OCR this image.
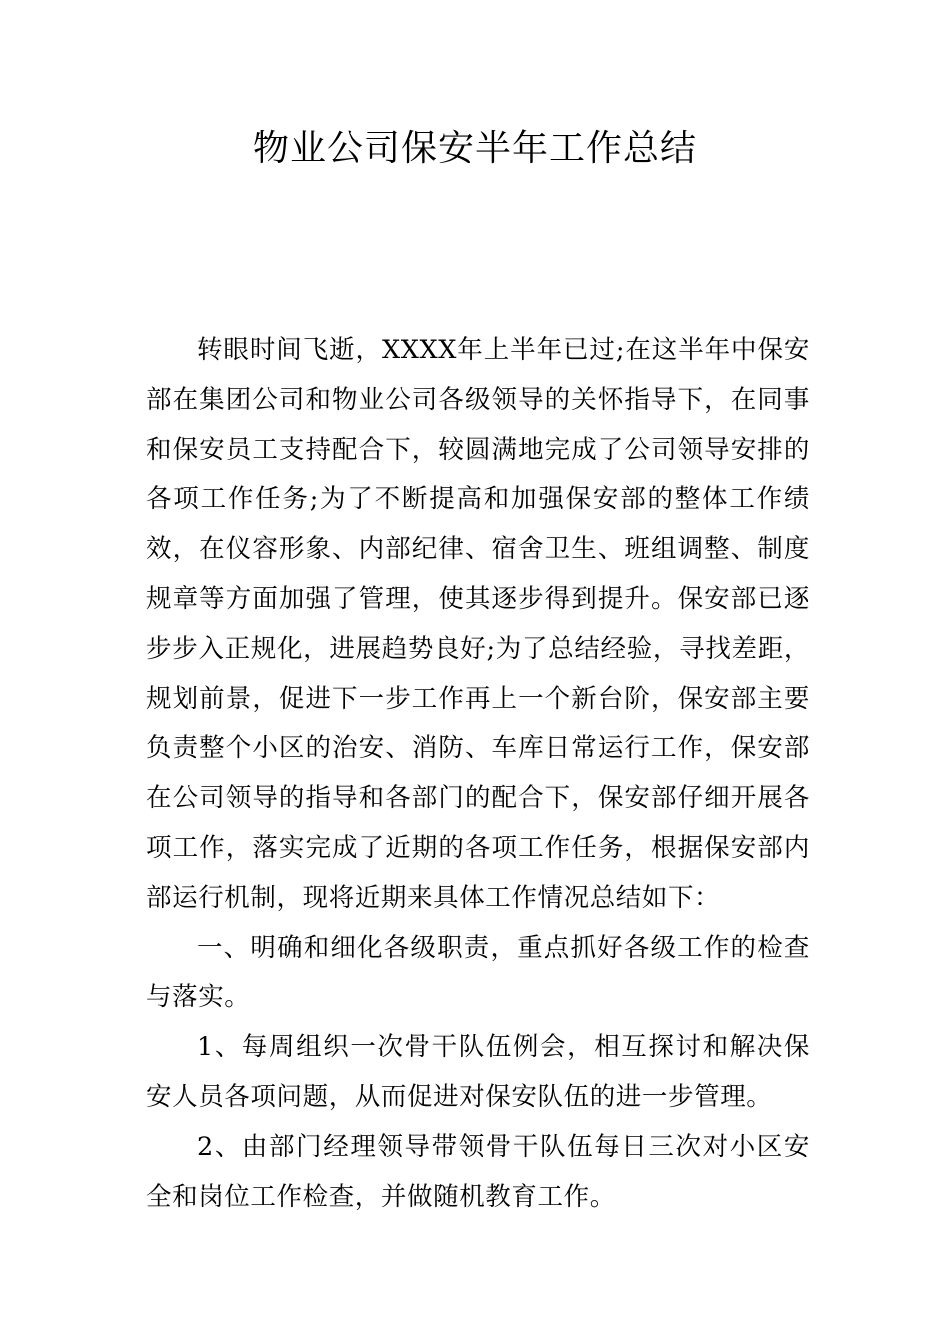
物业公司保安半年工作总结

转眼时间飞逝，XXXX年上半年已过;在这半年中保安部在集团公司和物业公司各级领导的关怀指导下，在同事和保安员工支持配合下，较圆满地完成了公司领导安排的各项工作任务;为了不断提高和加强保安部的整体工作绩效，在仪容形象、内部纪律、宿舍卫生、班组调整、制度规章等方面加强了管理，使其逐步得到提升。保安部已逐步步入正规化，进展趋势良好;为了总结经验，寻找差距，规划前景，促进下一步工作再上一个新台阶，保安部主要负责整个小区的治安、消防、车库日常运行工作，保安部在公司领导的指导和各部门的配合下，保安部仔细开展各项工作，落实完成了近期的各项工作任务，根据保安部内部运行机制，现将近期来具体工作情况总结如下：

一、明确和细化各级职责，重点抓好各级工作的检查与落实。

1、每周组织一次骨干队伍例会，相互探讨和解决保安人员各项问题，从而促进对保安队伍的进一步管理。

2、由部门经理领导带领骨干队伍每日三次对小区安全和岗位工作检查，并做随机教育工作。
